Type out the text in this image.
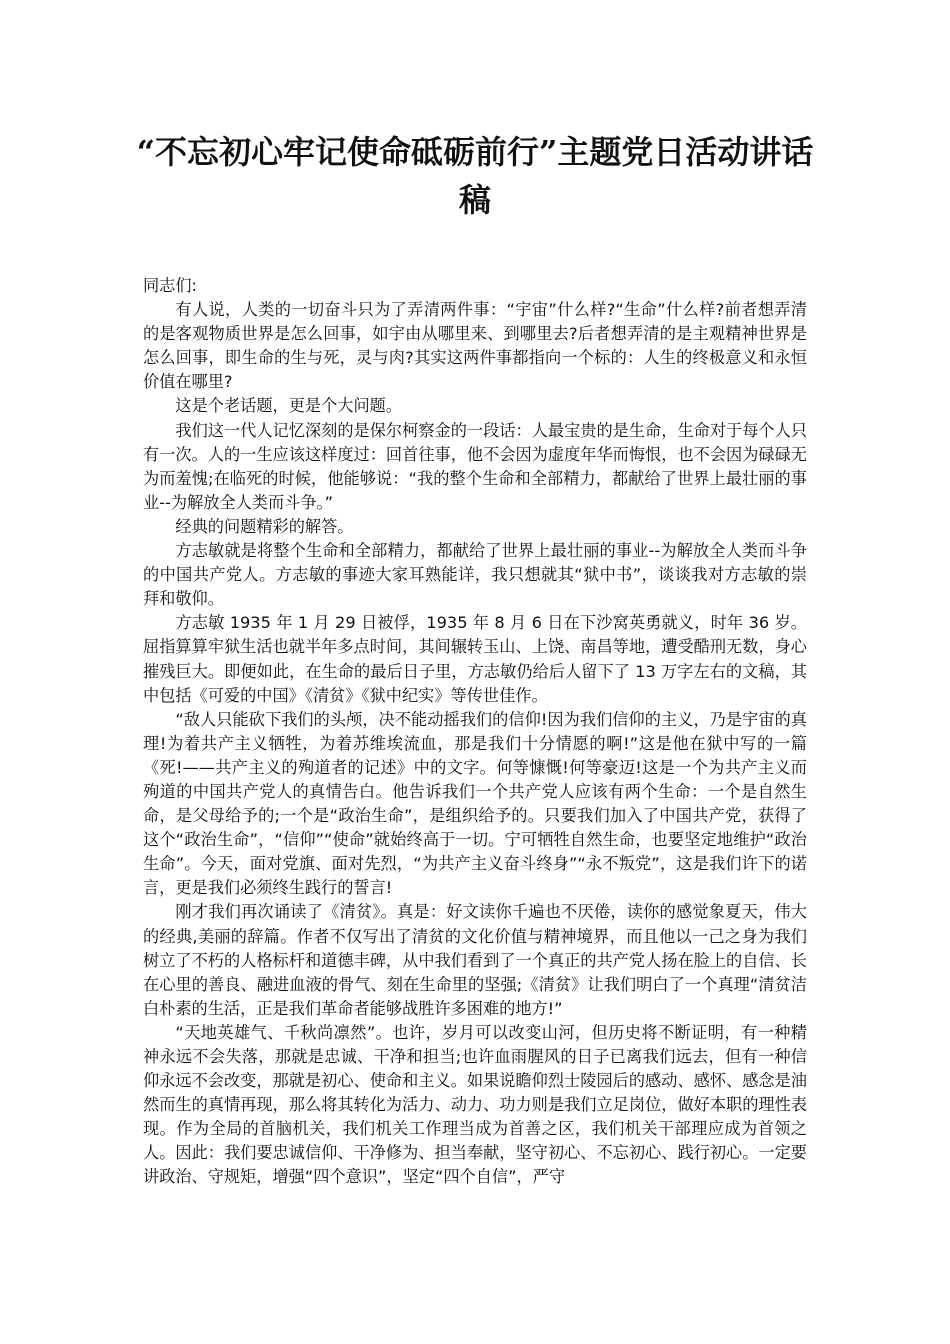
“不忘初心牢记使命砥砺前行”主题党日活动讲话稿

同志们:

有人说，人类的一切奋斗只为了弄清两件事：“宇宙”什么样?“生命”什么样?前者想弄清的是客观物质世界是怎么回事，如宇由从哪里来、到哪里去?后者想弄清的是主观精神世界是怎么回事，即生命的生与死，灵与肉?其实这两件事都指向一个标的：人生的终极意义和永恒价值在哪里?

这是个老话题，更是个大问题。

我们这一代人记忆深刻的是保尔柯察金的一段话：人最宝贵的是生命，生命对于每个人只有一次。人的一生应该这样度过：回首往事，他不会因为虚度年华而悔恨，也不会因为碌碌无为而羞愧;在临死的时候，他能够说：“我的整个生命和全部精力，都献给了世界上最壮丽的事业--为解放全人类而斗争。”

经典的问题精彩的解答。

方志敏就是将整个生命和全部精力，都献给了世界上最壮丽的事业--为解放全人类而斗争的中国共产党人。方志敏的事迹大家耳熟能详，我只想就其“狱中书”，谈谈我对方志敏的崇拜和敬仰。

方志敏 1935 年 1 月 29 日被俘，1935 年 8 月 6 日在下沙窝英勇就义，时年 36 岁。屈指算算牢狱生活也就半年多点时间，其间辗转玉山、上饶、南昌等地，遭受酷刑无数，身心摧残巨大。即便如此，在生命的最后日子里，方志敏仍给后人留下了 13 万字左右的文稿，其中包括《可爱的中国》《清贫》《狱中纪实》等传世佳作。

“敌人只能砍下我们的头颅，决不能动摇我们的信仰!因为我们信仰的主义，乃是宇宙的真理!为着共产主义牺牲，为着苏维埃流血，那是我们十分情愿的啊!”这是他在狱中写的一篇《死!——共产主义的殉道者的记述》中的文字。何等慷慨!何等豪迈!这是一个为共产主义而殉道的中国共产党人的真情告白。他告诉我们一个共产党人应该有两个生命：一个是自然生命，是父母给予的;一个是“政治生命”，是组织给予的。只要我们加入了中国共产党，获得了这个“政治生命”，“信仰”“使命”就始终高于一切。宁可牺牲自然生命，也要坚定地维护“政治生命”。今天，面对党旗、面对先烈，“为共产主义奋斗终身”“永不叛党”，这是我们许下的诺言，更是我们必须终生践行的誓言!

刚才我们再次诵读了《清贫》。真是：好文读你千遍也不厌倦，读你的感觉象夏天，伟大的经典,美丽的辞篇。作者不仅写出了清贫的文化价值与精神境界，而且他以一己之身为我们树立了不朽的人格标杆和道德丰碑，从中我们看到了一个真正的共产党人扬在脸上的自信、长在心里的善良、融进血液的骨气、刻在生命里的坚强;《清贫》让我们明白了一个真理“清贫洁白朴素的生活，正是我们革命者能够战胜许多困难的地方!”

“天地英雄气、千秋尚凛然”。也许，岁月可以改变山河，但历史将不断证明，有一种精神永远不会失落，那就是忠诚、干净和担当;也许血雨腥风的日子已离我们远去，但有一种信仰永远不会改变，那就是初心、使命和主义。如果说瞻仰烈士陵园后的感动、感怀、感念是油然而生的真情再现，那么将其转化为活力、动力、功力则是我们立足岗位，做好本职的理性表现。作为全局的首脑机关，我们机关工作理当成为首善之区，我们机关干部理应成为首领之人。因此：我们要忠诚信仰、干净修为、担当奉献，坚守初心、不忘初心、践行初心。一定要讲政治、守规矩，增强“四个意识”，坚定“四个自信”，严守
